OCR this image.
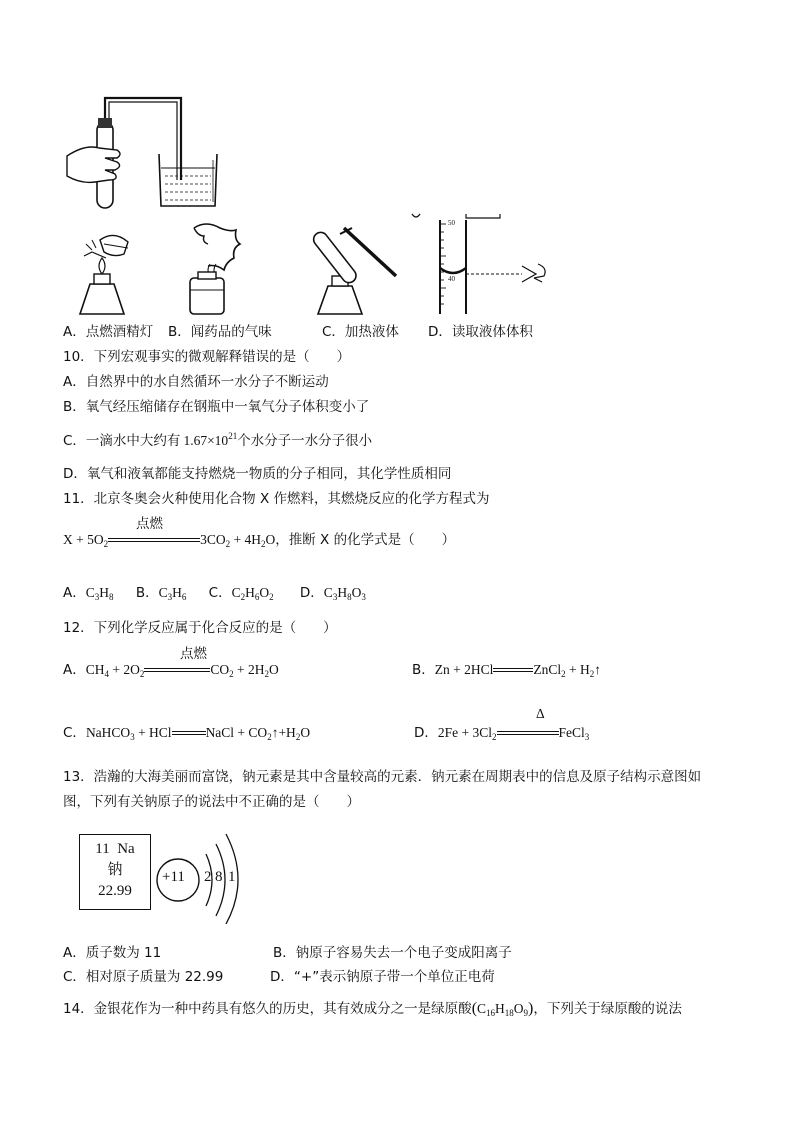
50
40
A．点燃酒精灯 B．闻药品的气味	C．加热液体 D．读取液体体积
10．下列宏观事实的微观解释错误的是（　　）
A．自然界中的水自然循环一水分子不断运动
B．氧气经压缩储存在钢瓶中一氧气分子体积变小了
C．一滴水中大约有 $1.67\times 10^{21}$个水分子一水分子很小
D．氧气和液氧都能支持燃烧一物质的分子相同，其化学性质相同
11．北京冬奥会火种使用化合物 X 作燃料，其燃烧反应的化学方程式为
点燃
$X + 5O_2$	$3CO_2 + 4H_2O$，推断 X 的化学式是（　　）
A．$C_3H_8$ B．$C_3H_6$ C．$C_2H_6O_2$ D．$C_3H_8O_3$
12．下列化学反应属于化合反应的是（　　）
点燃
A．$CH_4 + 2O_2$	$CO_2 + 2H_2O$	B．Zn + 2HCl	ZnCl$_2$ + $H_2↑$
C．NaHCO$_3$ + HCl	NaCl + $CO_2↑+H_2O$
Δ
D．$2Fe + 3Cl_2$	FeCl$_3$
13．浩瀚的大海美丽而富饶，钠元素是其中含量较高的元素．钠元素在周期表中的信息及原子结构示意图如
图，下列有关钠原子的说法中不正确的是（　　）
11 Na
钠
22.99
+11 2 8 1
A．质子数为 11	B．钠原子容易失去一个电子变成阳离子
C．相对原子质量为 22.99	D．“+”表示钠原子带一个单位正电荷
14．金银花作为一种中药具有悠久的历史，其有效成分之一是绿原酸$(C_{16}H_{18}O_9)$，下列关于绿原酸的说法
